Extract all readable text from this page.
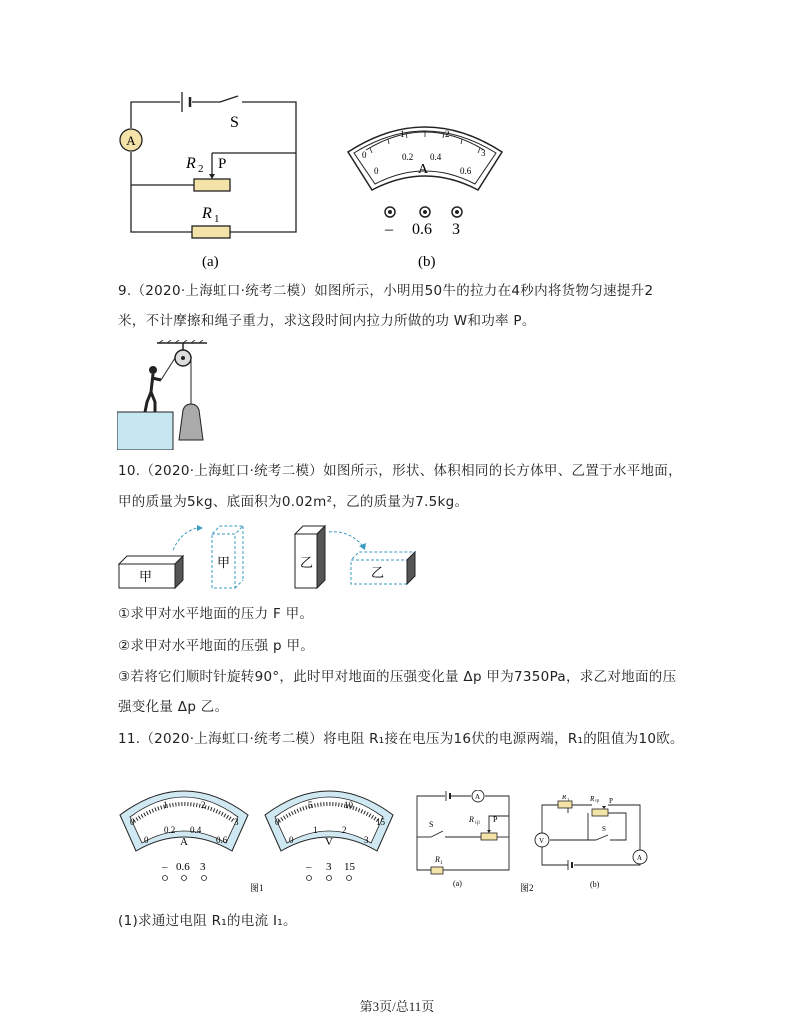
A
S
R 2 P
R 1
(a)
0
1	2
3
0
0.2 0.4
0.6
A
– 0.6 3
(b)
9.（2020·上海虹口·统考二模）如图所示，小明用50牛的拉力在4秒内将货物匀速提升2
米，不计摩擦和绳子重力，求这段时间内拉力所做的功 W和功率 P。
10.（2020·上海虹口·统考二模）如图所示，形状、体积相同的长方体甲、乙置于水平地面，
甲的质量为5kg、底面积为0.02m²，乙的质量为7.5kg。
甲
甲	乙
乙
①求甲对水平地面的压力 F 甲。
②求甲对水平地面的压强 p 甲。
③若将它们顺时针旋转90°，此时甲对地面的压强变化量 Δp 甲为7350Pa，求乙对地面的压
强变化量 Δp 乙。
11.（2020·上海虹口·统考二模）将电阻 R₁接在电压为16伏的电源两端，R₁的阻值为10欧。
0
1	2
3
0
0.2 0.4
0.6
A
– 0.6 3
图1
0
5	10
15
0
1	2
3
V
– 3 15
A
S
R
甲
P
R 1
(a)	图2
R 1	R 甲 P
S
V
A
(b)
(1)求通过电阻 R₁的电流 I₁。
第3页/总11页
